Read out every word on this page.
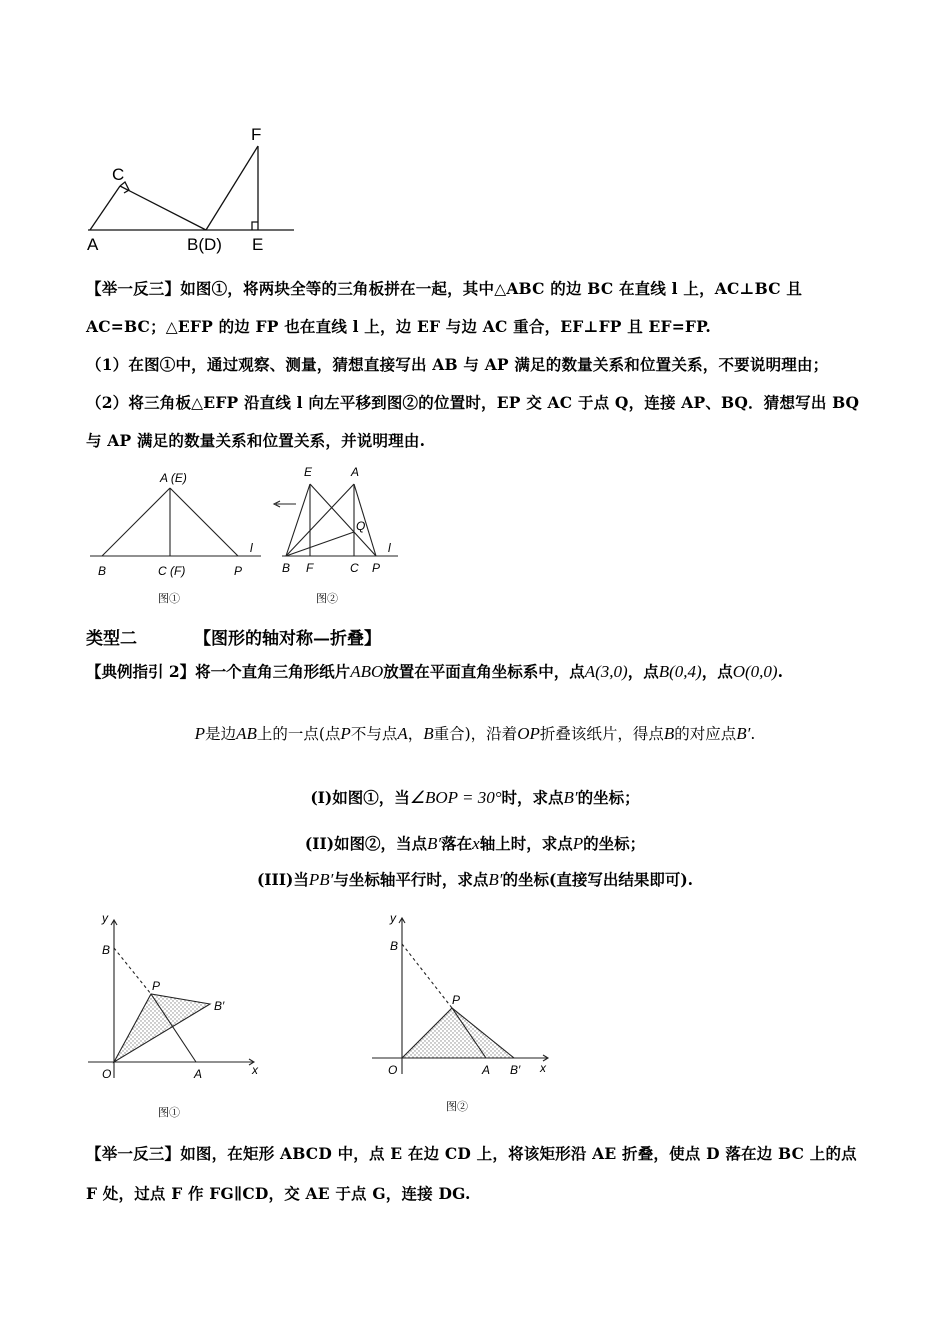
A
C
B(D)
F
E
【举一反三】如图①，将两块全等的三角板拼在一起，其中△ABC 的边 BC 在直线 l 上，AC⊥BC 且
AC=BC；△EFP 的边 FP 也在直线 l 上，边 EF 与边 AC 重合，EF⊥FP 且 EF=FP.
（1）在图①中，通过观察、测量，猜想直接写出 AB 与 AP 满足的数量关系和位置关系，不要说明理由；
（2）将三角板△EFP 沿直线 l 向左平移到图②的位置时，EP 交 AC 于点 Q，连接 AP、BQ．猜想写出 BQ
与 AP 满足的数量关系和位置关系，并说明理由.
A (E)
B	C (F)	P
l
图①
E	A
Q
B F	C P
l
图②
类型二	【图形的轴对称—折叠】
【典例指引 2】将一个直角三角形纸片ABO放置在平面直角坐标系中，点A(3,0)，点B(0,4)，点O(0,0).
P是边AB上的一点(点P不与点A，B重合)，沿着OP折叠该纸片，得点B的对应点B′.
(I)如图①，当∠BOP = 30°时，求点B′的坐标；
(II)如图②，当点B′落在x轴上时，求点P的坐标；
(III)当PB′与坐标轴平行时，求点B′的坐标(直接写出结果即可).
y
B
P
B′
O	A	x
图①
y
B
P
O	A B′ x
图②
【举一反三】如图，在矩形 ABCD 中，点 E 在边 CD 上，将该矩形沿 AE 折叠，使点 D 落在边 BC 上的点
F 处，过点 F 作 FG∥CD，交 AE 于点 G，连接 DG.
